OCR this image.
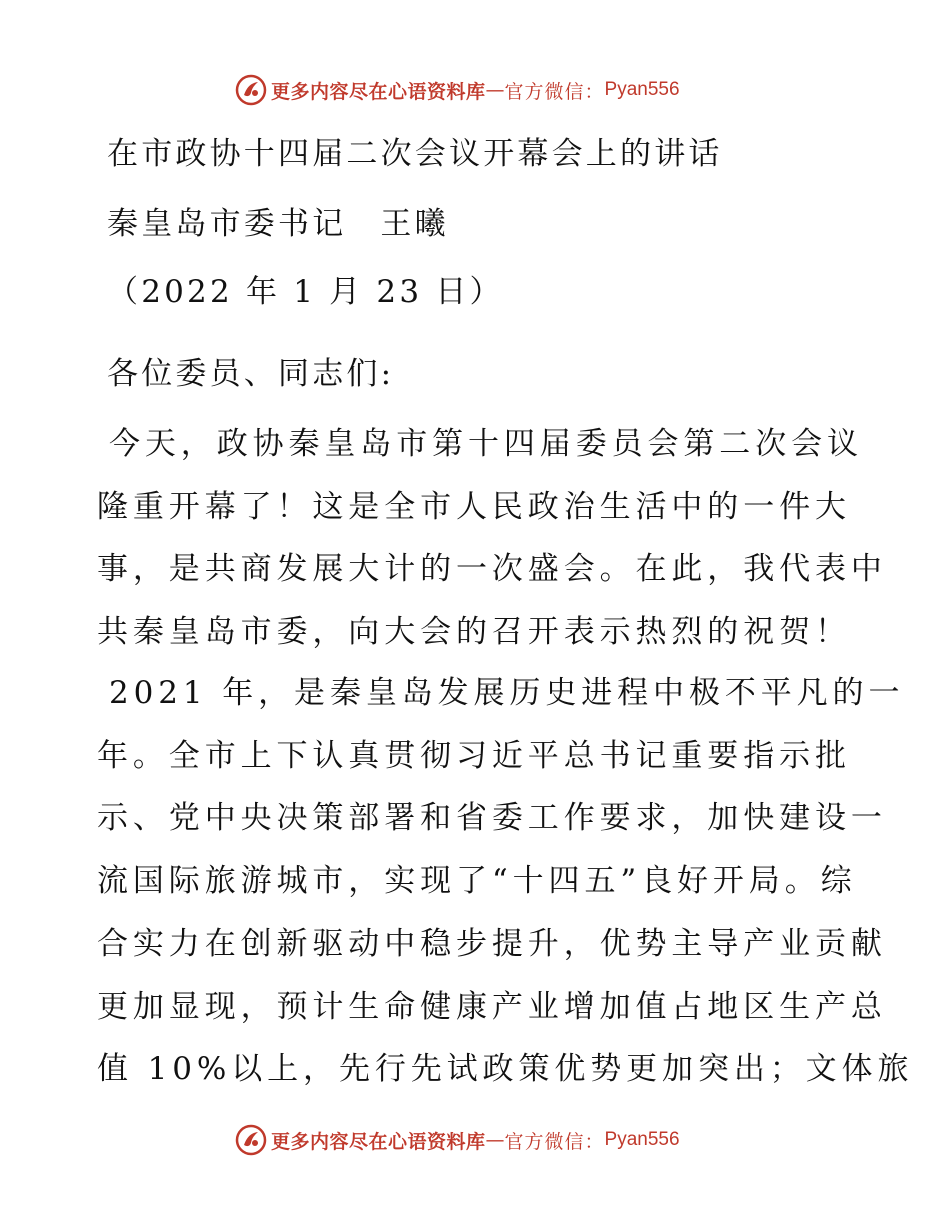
更多内容尽在心语资料库 — 官方微信： Pyan556

在市政协十四届二次会议开幕会上的讲话

秦皇岛市委书记 王曦

（2022 年 1 月 23 日）

各位委员、同志们:

今天，政协秦皇岛市第十四届委员会第二次会议
隆重开幕了！这是全市人民政治生活中的一件大
事，是共商发展大计的一次盛会。在此，我代表中
共秦皇岛市委，向大会的召开表示热烈的祝贺！
2021 年，是秦皇岛发展历史进程中极不平凡的一
年。全市上下认真贯彻习近平总书记重要指示批
示、党中央决策部署和省委工作要求，加快建设一
流国际旅游城市，实现了“十四五”良好开局。综
合实力在创新驱动中稳步提升，优势主导产业贡献
更加显现，预计生命健康产业增加值占地区生产总
值 10%以上，先行先试政策优势更加突出；文体旅
更多内容尽在心语资料库 — 官方微信： Pyan556
